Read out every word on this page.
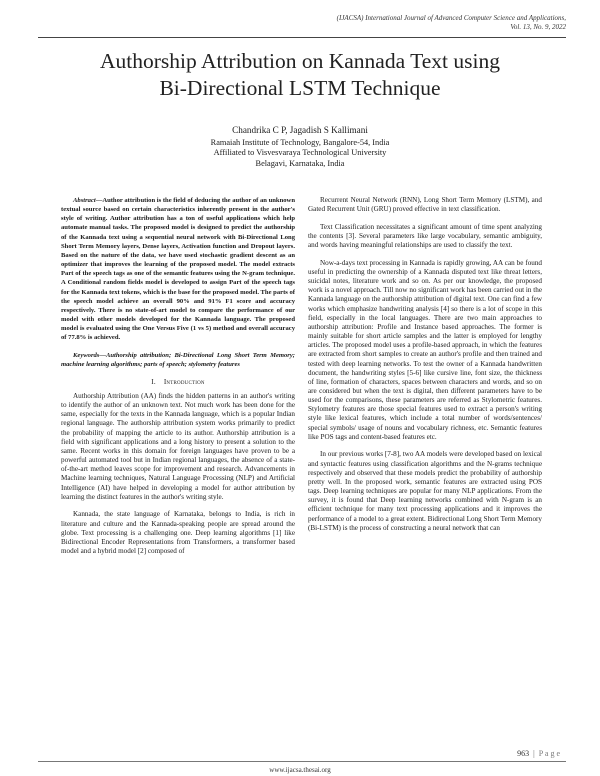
(IJACSA) International Journal of Advanced Computer Science and Applications,
Vol. 13, No. 9, 2022
Authorship Attribution on Kannada Text using
Bi-Directional LSTM Technique
Chandrika C P, Jagadish S Kallimani
Ramaiah Institute of Technology, Bangalore-54, India
Affiliated to Visvesvaraya Technological University
Belagavi, Karnataka, India

Abstract—Author attribution is the field of deducing the author of an unknown textual source based on certain characteristics inherently present in the author's style of writing. Author attribution has a ton of useful applications which help automate manual tasks. The proposed model is designed to predict the authorship of the Kannada text using a sequential neural network with Bi-Directional Long Short Term Memory layers, Dense layers, Activation function and Dropout layers. Based on the nature of the data, we have used stochastic gradient descent as an optimizer that improves the learning of the proposed model. The model extracts Part of the speech tags as one of the semantic features using the N-gram technique. A Conditional random fields model is developed to assign Part of the speech tags for the Kannada text tokens, which is the base for the proposed model. The parts of the speech model achieve an overall 90% and 91% F1 score and accuracy respectively. There is no state-of-art model to compare the performance of our model with other models developed for the Kannada language. The proposed model is evaluated using the One Versus Five (1 vs 5) method and overall accuracy of 77.8% is achieved.

Keywords—Authorship attribution; Bi-Directional Long Short Term Memory; machine learning algorithms; parts of speech; stylometry features

I. Introduction

Authorship Attribution (AA) finds the hidden patterns in an author's writing to identify the author of an unknown text. Not much work has been done for the same, especially for the texts in the Kannada language, which is a popular Indian regional language. The authorship attribution system works primarily to predict the probability of mapping the article to its author. Authorship attribution is a field with significant applications and a long history to present a solution to the same. Recent works in this domain for foreign languages have proven to be a powerful automated tool but in Indian regional languages, the absence of a state-of-the-art method leaves scope for improvement and research. Advancements in Machine learning techniques, Natural Language Processing (NLP) and Artificial Intelligence (AI) have helped in developing a model for author attribution by learning the distinct features in the author's writing style.

Kannada, the state language of Karnataka, belongs to India, is rich in literature and culture and the Kannada-speaking people are spread around the globe. Text processing is a challenging one. Deep learning algorithms [1] like Bidirectional Encoder Representations from Transformers, a transformer based model and a hybrid model [2] composed of

Recurrent Neural Network (RNN), Long Short Term Memory (LSTM), and Gated Recurrent Unit (GRU) proved effective in text classification.

Text Classification necessitates a significant amount of time spent analyzing the contents [3]. Several parameters like large vocabulary, semantic ambiguity, and words having meaningful relationships are used to classify the text.

Now-a-days text processing in Kannada is rapidly growing, AA can be found useful in predicting the ownership of a Kannada disputed text like threat letters, suicidal notes, literature work and so on. As per our knowledge, the proposed work is a novel approach. Till now no significant work has been carried out in the Kannada language on the authorship attribution of digital text. One can find a few works which emphasize handwriting analysis [4] so there is a lot of scope in this field, especially in the local languages. There are two main approaches to authorship attribution: Profile and Instance based approaches. The former is mainly suitable for short article samples and the latter is employed for lengthy articles. The proposed model uses a profile-based approach, in which the features are extracted from short samples to create an author's profile and then trained and tested with deep learning networks. To test the owner of a Kannada handwritten document, the handwriting styles [5-6] like cursive line, font size, the thickness of line, formation of characters, spaces between characters and words, and so on are considered but when the text is digital, then different parameters have to be used for the comparisons, these parameters are referred as Stylometric features. Stylometry features are those special features used to extract a person's writing style like lexical features, which include a total number of words/sentences/ special symbols/ usage of nouns and vocabulary richness, etc. Semantic features like POS tags and content-based features etc.

In our previous works [7-8], two AA models were developed based on lexical and syntactic features using classification algorithms and the N-grams technique respectively and observed that these models predict the probability of authorship pretty well. In the proposed work, semantic features are extracted using POS tags. Deep learning techniques are popular for many NLP applications. From the survey, it is found that Deep learning networks combined with N-gram is an efficient technique for many text processing applications and it improves the performance of a model to a great extent. Bidirectional Long Short Term Memory (Bi-LSTM) is the process of constructing a neural network that can

963 | P a g e
www.ijacsa.thesai.org
